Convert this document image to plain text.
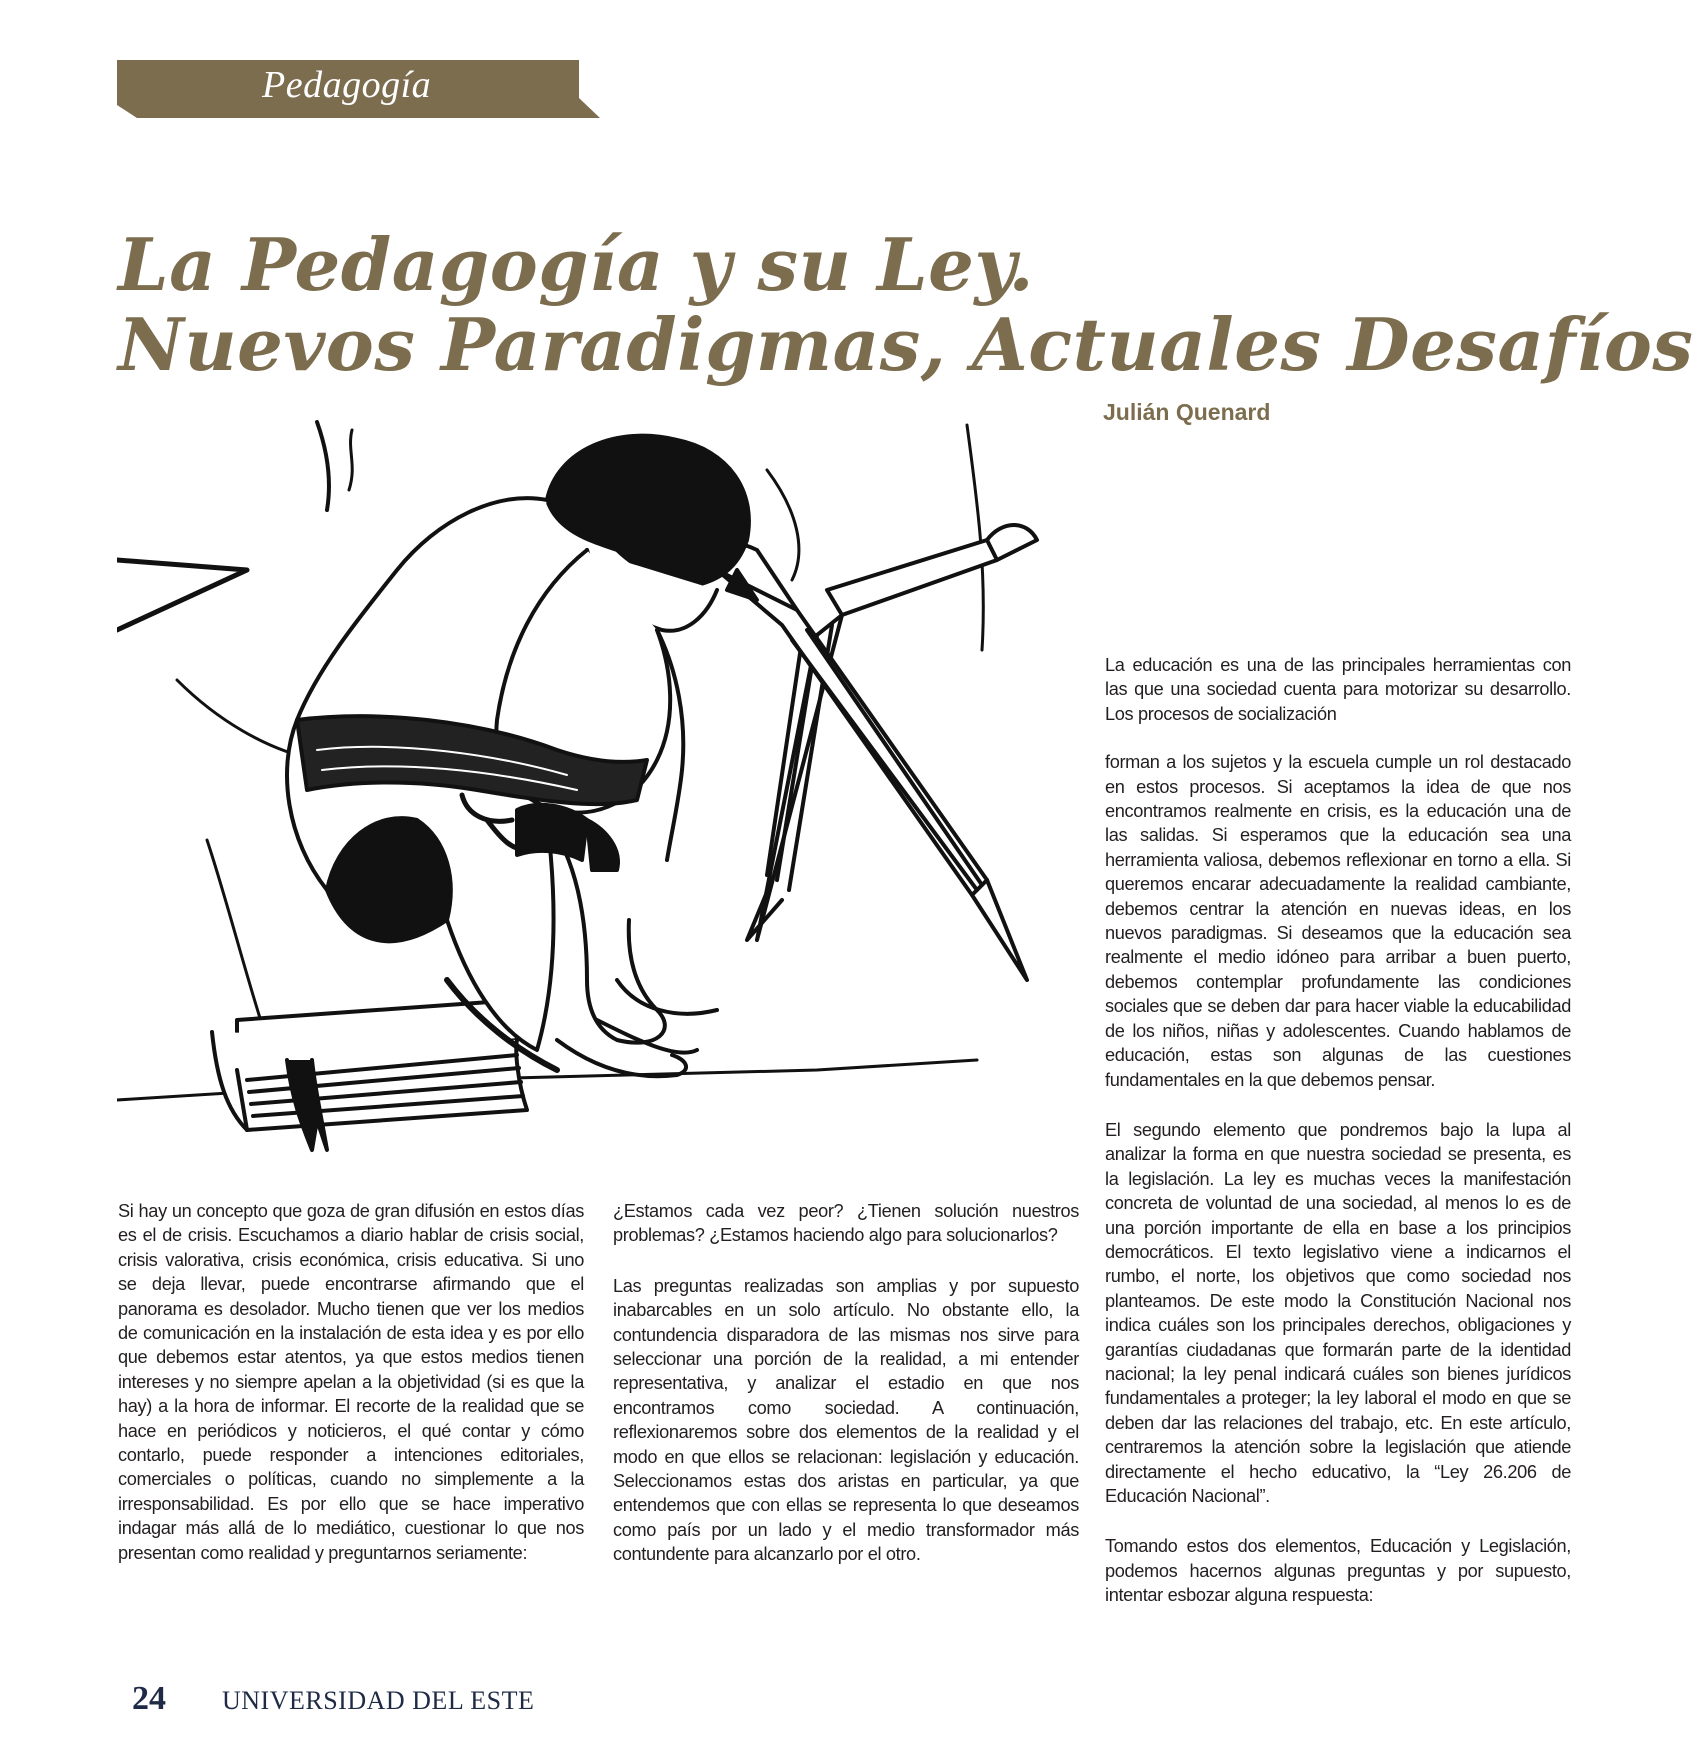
Pedagogía
La Pedagogía y su Ley.
Nuevos Paradigmas, Actuales Desafíos
Julián Quenard

Si hay un concepto que goza de gran difusión en estos días es el de crisis. Escuchamos a diario hablar de crisis social, crisis valorativa, crisis económica, crisis educativa. Si uno se deja llevar, puede encontrarse afirmando que el panorama es desolador. Mucho tienen que ver los medios de comunicación en la instalación de esta idea y es por ello que debemos estar atentos, ya que estos medios tienen intereses y no siempre apelan a la objetividad (si es que la hay) a la hora de informar. El recorte de la realidad que se hace en periódicos y noticieros, el qué contar y cómo contarlo, puede responder a intenciones editoriales, comerciales o políticas, cuando no simplemente a la irresponsabilidad. Es por ello que se hace imperativo indagar más allá de lo mediático, cuestionar lo que nos presentan como realidad y preguntarnos seriamente:

¿Estamos cada vez peor? ¿Tienen solución nuestros problemas? ¿Estamos haciendo algo para solucionarlos?

Las preguntas realizadas son amplias y por supuesto inabarcables en un solo artículo. No obstante ello, la contundencia disparadora de las mismas nos sirve para seleccionar una porción de la realidad, a mi entender representativa, y analizar el estadio en que nos encontramos como sociedad. A continuación, reflexionaremos sobre dos elementos de la realidad y el modo en que ellos se relacionan: legislación y educación. Seleccionamos estas dos aristas en particular, ya que entendemos que con ellas se representa lo que deseamos como país por un lado y el medio transformador más contundente para alcanzarlo por el otro.

La educación es una de las principales herramientas con las que una sociedad cuenta para motorizar su desarrollo. Los procesos de socialización

forman a los sujetos y la escuela cumple un rol destacado en estos procesos. Si aceptamos la idea de que nos encontramos realmente en crisis, es la educación una de las salidas. Si esperamos que la educación sea una herramienta valiosa, debemos reflexionar en torno a ella. Si queremos encarar adecuadamente la realidad cambiante, debemos centrar la atención en nuevas ideas, en los nuevos paradigmas. Si deseamos que la educación sea realmente el medio idóneo para arribar a buen puerto, debemos contemplar profundamente las condiciones sociales que se deben dar para hacer viable la educabilidad de los niños, niñas y adolescentes. Cuando hablamos de educación, estas son algunas de las cuestiones fundamentales en la que debemos pensar.

El segundo elemento que pondremos bajo la lupa al analizar la forma en que nuestra sociedad se presenta, es la legislación. La ley es muchas veces la manifestación concreta de voluntad de una sociedad, al menos lo es de una porción importante de ella en base a los principios democráticos. El texto legislativo viene a indicarnos el rumbo, el norte, los objetivos que como sociedad nos planteamos. De este modo la Constitución Nacional nos indica cuáles son los principales derechos, obligaciones y garantías ciudadanas que formarán parte de la identidad nacional; la ley penal indicará cuáles son bienes jurídicos fundamentales a proteger; la ley laboral el modo en que se deben dar las relaciones del trabajo, etc. En este artículo, centraremos la atención sobre la legislación que atiende directamente el hecho educativo, la “Ley 26.206 de Educación Nacional”.

Tomando estos dos elementos, Educación y Legislación, podemos hacernos algunas preguntas y por supuesto, intentar esbozar alguna respuesta:

24 UNIVERSIDAD DEL ESTE
